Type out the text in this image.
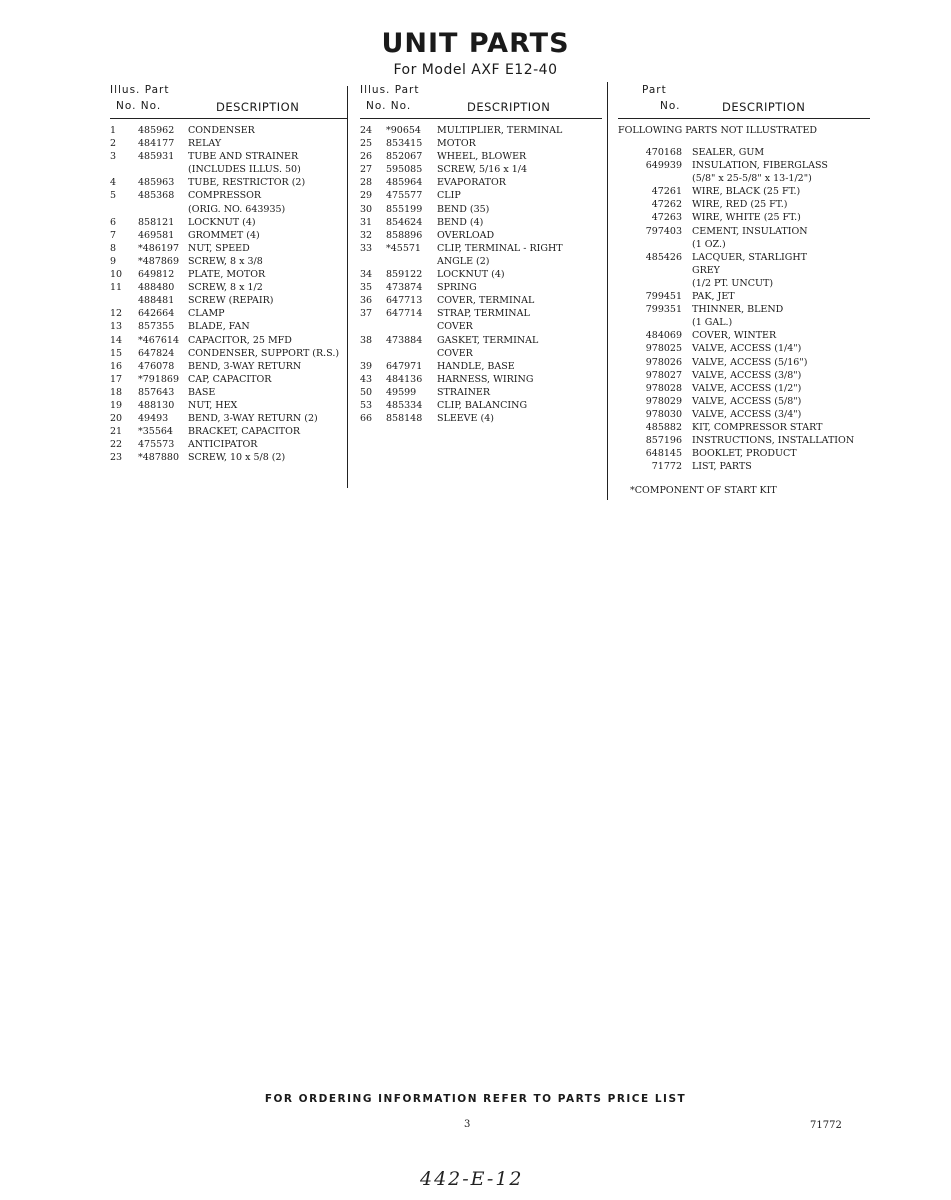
UNIT PARTS
For Model AXF E12-40
Illus. Part
No. No.	DESCRIPTION
1 485962 CONDENSER
2 484177 RELAY
3 485931 TUBE AND STRAINER
(INCLUDES ILLUS. 50)
4 485963 TUBE, RESTRICTOR (2)
5 485368 COMPRESSOR
(ORIG. NO. 643935)
6 858121 LOCKNUT (4)
7 469581 GROMMET (4)
8 *486197 NUT, SPEED
9 *487869 SCREW, 8 x 3/8
10 649812 PLATE, MOTOR
11 488480 SCREW, 8 x 1/2
488481 SCREW (REPAIR)
12 642664 CLAMP
13 857355 BLADE, FAN
14 *467614 CAPACITOR, 25 MFD
15 647824 CONDENSER, SUPPORT (R.S.)
16 476078 BEND, 3-WAY RETURN
17 *791869 CAP, CAPACITOR
18 857643 BASE
19 488130 NUT, HEX
20 49493 BEND, 3-WAY RETURN (2)
21 *35564 BRACKET, CAPACITOR
22 475573 ANTICIPATOR
23 *487880 SCREW, 10 x 5/8 (2)
Illus. Part
No. No.	DESCRIPTION
24 *90654 MULTIPLIER, TERMINAL
25 853415 MOTOR
26 852067 WHEEL, BLOWER
27 595085 SCREW, 5/16 x 1/4
28 485964 EVAPORATOR
29 475577 CLIP
30 855199 BEND (35)
31 854624 BEND (4)
32 858896 OVERLOAD
33 *45571 CLIP, TERMINAL - RIGHT
ANGLE (2)
34 859122 LOCKNUT (4)
35 473874 SPRING
36 647713 COVER, TERMINAL
37 647714 STRAP, TERMINAL
COVER
38 473884 GASKET, TERMINAL
COVER
39 647971 HANDLE, BASE
43 484136 HARNESS, WIRING
50 49599 STRAINER
53 485334 CLIP, BALANCING
66 858148 SLEEVE (4)
Part
No.	DESCRIPTION
FOLLOWING PARTS NOT ILLUSTRATED
470168 SEALER, GUM
649939 INSULATION, FIBERGLASS
(5/8" x 25-5/8" x 13-1/2")
47261 WIRE, BLACK (25 FT.)
47262 WIRE, RED (25 FT.)
47263 WIRE, WHITE (25 FT.)
797403 CEMENT, INSULATION
(1 OZ.)
485426 LACQUER, STARLIGHT
GREY
(1/2 PT. UNCUT)
799451 PAK, JET
799351 THINNER, BLEND
(1 GAL.)
484069 COVER, WINTER
978025 VALVE, ACCESS (1/4")
978026 VALVE, ACCESS (5/16")
978027 VALVE, ACCESS (3/8")
978028 VALVE, ACCESS (1/2")
978029 VALVE, ACCESS (5/8")
978030 VALVE, ACCESS (3/4")
485882 KIT, COMPRESSOR START
857196 INSTRUCTIONS, INSTALLATION
648145 BOOKLET, PRODUCT
71772 LIST, PARTS
*COMPONENT OF START KIT
FOR ORDERING INFORMATION REFER TO PARTS PRICE LIST
3	71772
442-E-12
